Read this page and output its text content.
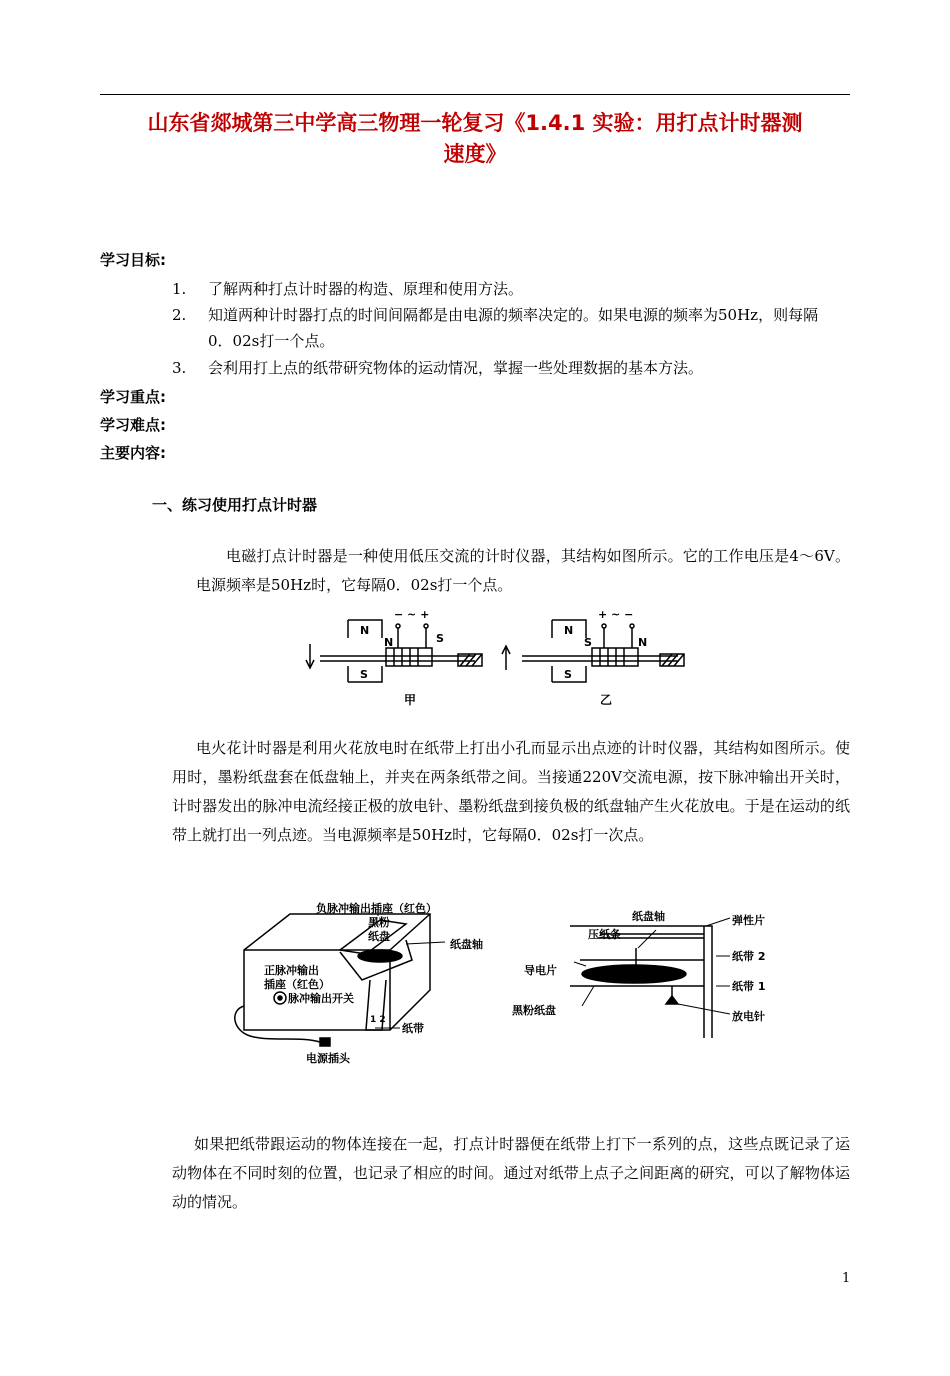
山东省郯城第三中学高三物理一轮复习《1.4.1 实验：用打点计时器测
速度》
学习目标:
1. 了解两种打点计时器的构造、原理和使用方法。
2. 知道两种计时器打点的时间间隔都是由电源的频率决定的。如果电源的频率为50Hz，则每隔0．02s打一个点。
3. 会利用打上点的纸带研究物体的运动情况，掌握一些处理数据的基本方法。
学习重点:
学习难点:
主要内容:
一、练习使用打点计时器
电磁打点计时器是一种使用低压交流的计时仪器，其结构如图所示。它的工作电压是4～6V。电源频率是50Hz时，它每隔0．02s打一个点。
N
S
N	S
− ~ +
甲
N
S
S	N
+ ~ −
乙
电火花计时器是利用火花放电时在纸带上打出小孔而显示出点迹的计时仪器，其结构如图所示。使用时，墨粉纸盘套在低盘轴上，并夹在两条纸带之间。当接通220V交流电源，按下脉冲输出开关时，计时器发出的脉冲电流经接正极的放电针、墨粉纸盘到接负极的纸盘轴产生火花放电。于是在运动的纸带上就打出一列点迹。当电源频率是50Hz时，它每隔0．02s打一次点。
负脉冲输出插座（红色）
黑粉
纸盘
纸盘轴
正脉冲输出
插座（红色）
脉冲输出开关
1 2
纸带
电源插头
纸盘轴	弹性片
压纸条
纸带 2
导电片
纸带 1
黑粉纸盘	放电针
如果把纸带跟运动的物体连接在一起，打点计时器便在纸带上打下一系列的点，这些点既记录了运动物体在不同时刻的位置，也记录了相应的时间。通过对纸带上点子之间距离的研究，可以了解物体运动的情况。
1
